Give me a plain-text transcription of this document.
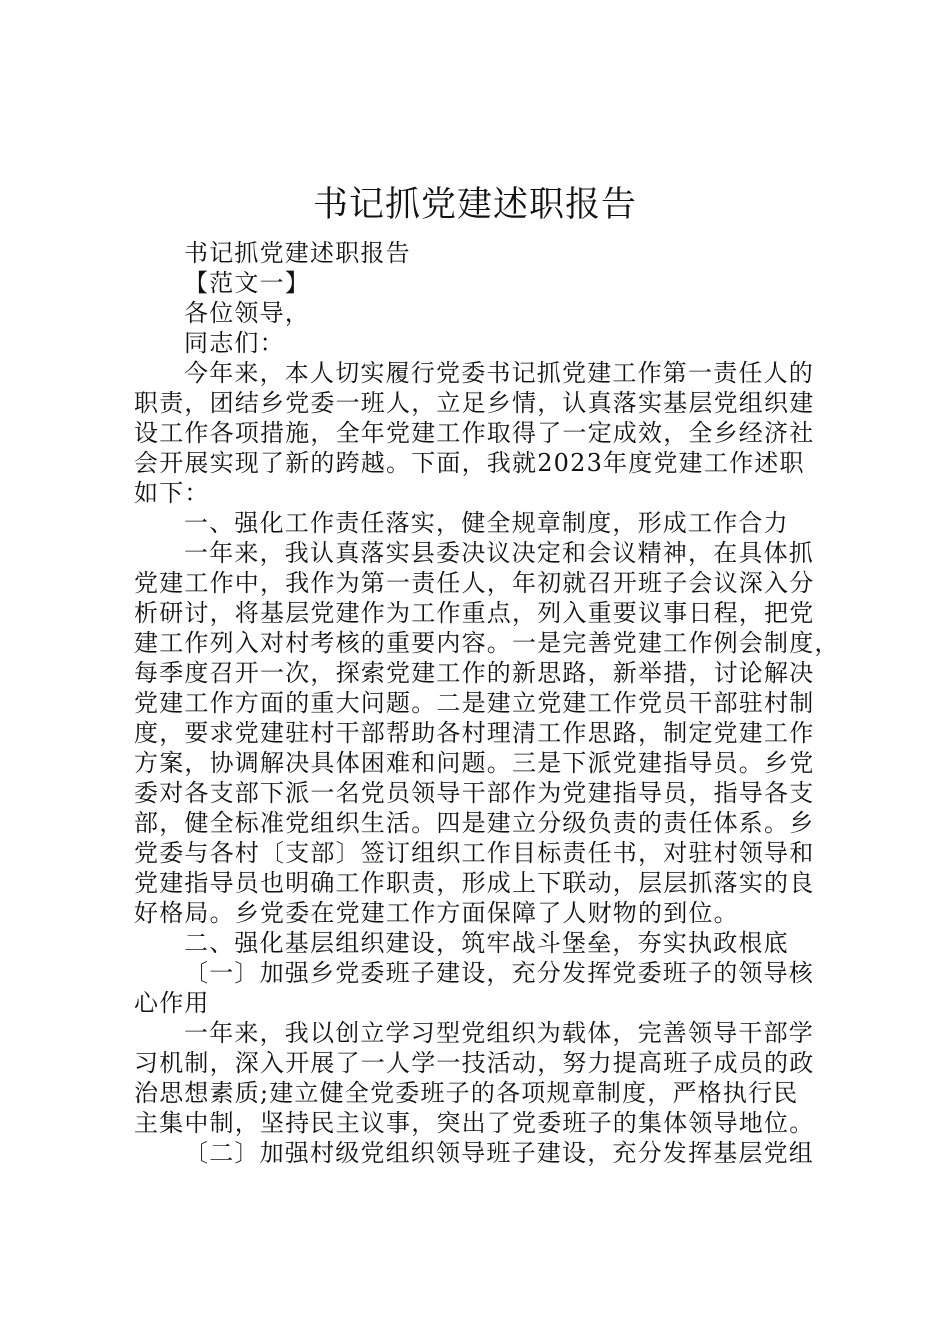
书记抓党建述职报告
书记抓党建述职报告
【范文一】
各位领导，
同志们：
今年来，本人切实履行党委书记抓党建工作第一责任人的
职责，团结乡党委一班人，立足乡情，认真落实基层党组织建
设工作各项措施，全年党建工作取得了一定成效，全乡经济社
会开展实现了新的跨越。下面，我就2023年度党建工作述职
如下：
一、强化工作责任落实，健全规章制度，形成工作合力
一年来，我认真落实县委决议决定和会议精神，在具体抓
党建工作中，我作为第一责任人，年初就召开班子会议深入分
析研讨，将基层党建作为工作重点，列入重要议事日程，把党
建工作列入对村考核的重要内容。一是完善党建工作例会制度，
每季度召开一次，探索党建工作的新思路，新举措，讨论解决
党建工作方面的重大问题。二是建立党建工作党员干部驻村制
度，要求党建驻村干部帮助各村理清工作思路，制定党建工作
方案，协调解决具体困难和问题。三是下派党建指导员。乡党
委对各支部下派一名党员领导干部作为党建指导员，指导各支
部，健全标准党组织生活。四是建立分级负责的责任体系。乡
党委与各村〔支部〕签订组织工作目标责任书，对驻村领导和
党建指导员也明确工作职责，形成上下联动，层层抓落实的良
好格局。乡党委在党建工作方面保障了人财物的到位。
二、强化基层组织建设，筑牢战斗堡垒，夯实执政根底
〔一〕加强乡党委班子建设，充分发挥党委班子的领导核
心作用
一年来，我以创立学习型党组织为载体，完善领导干部学
习机制，深入开展了一人学一技活动，努力提高班子成员的政
治思想素质;建立健全党委班子的各项规章制度，严格执行民
主集中制，坚持民主议事，突出了党委班子的集体领导地位。
〔二〕加强村级党组织领导班子建设，充分发挥基层党组
